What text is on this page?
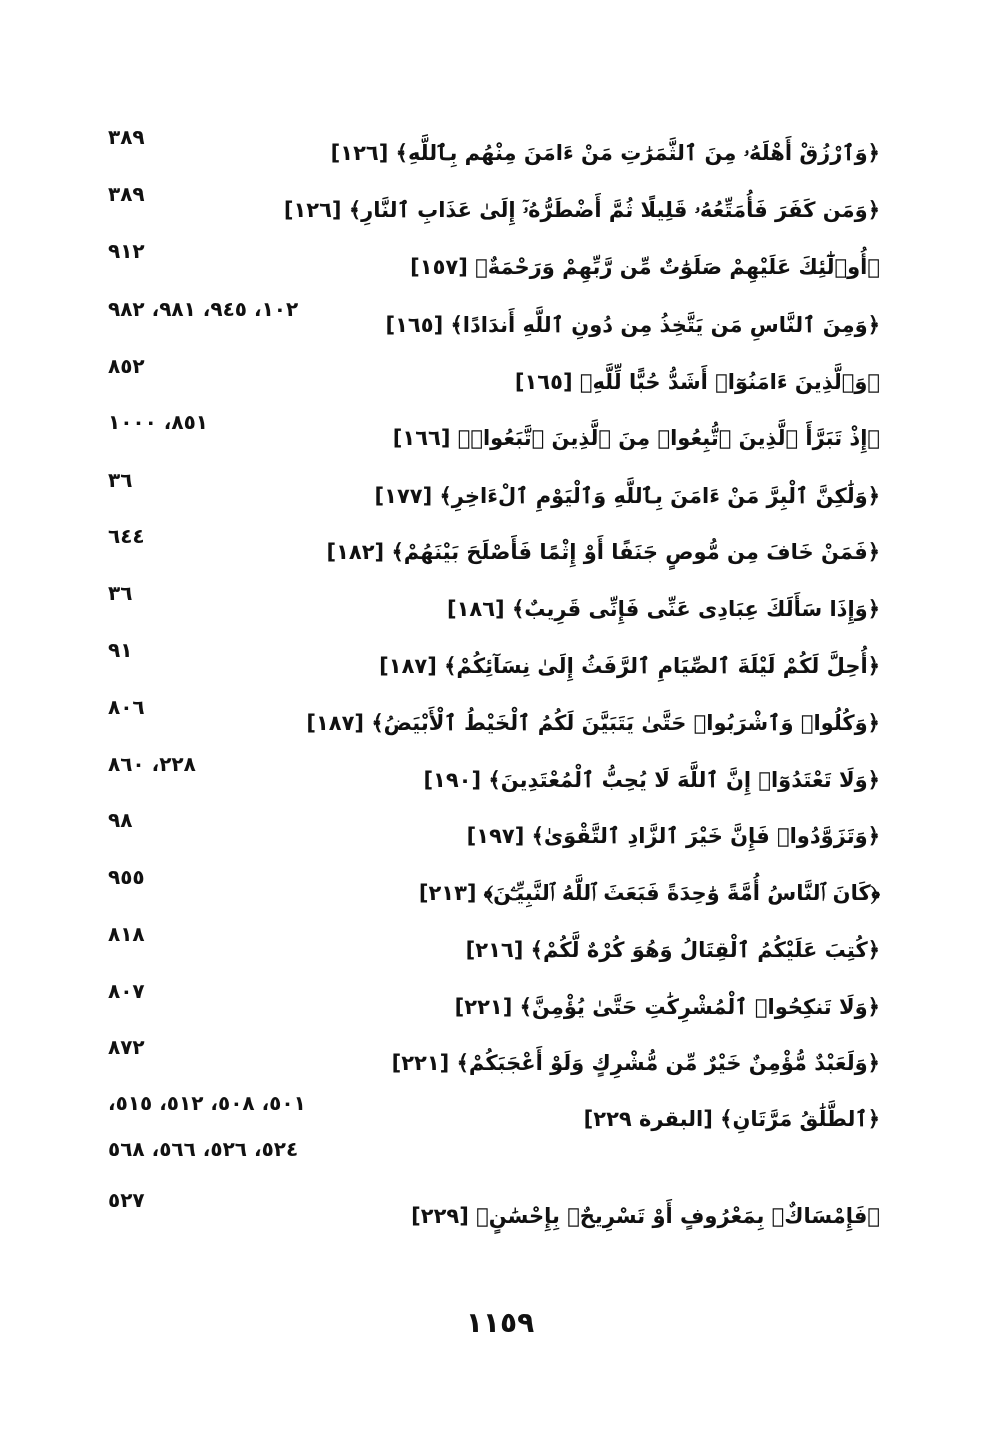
﴿وَٱرْزُقْ أَهْلَهُۥ مِنَ ٱلثَّمَرَٰتِ مَنْ ءَامَنَ مِنْهُم بِٱللَّهِ﴾ [١٢٦]
٣٨٩
﴿وَمَن كَفَرَ فَأُمَتِّعُهُۥ قَلِيلًا ثُمَّ أَضْطَرُّهُۥٓ إِلَىٰ عَذَابِ ٱلنَّارِ﴾ [١٢٦]
٣٨٩
﴿أُو۟لَٰٓئِكَ عَلَيْهِمْ صَلَوَٰتٌ مِّن رَّبِّهِمْ وَرَحْمَةٌ﴾ [١٥٧]
٩١٢
﴿وَمِنَ ٱلنَّاسِ مَن يَتَّخِذُ مِن دُونِ ٱللَّهِ أَندَادًا﴾ [١٦٥]
١٠٢، ٩٤٥، ٩٨١، ٩٨٢
﴿وَٱلَّذِينَ ءَامَنُوٓا۟ أَشَدُّ حُبًّا لِّلَّهِ﴾ [١٦٥]
٨٥٢
﴿إِذْ تَبَرَّأَ ٱلَّذِينَ ٱتُّبِعُوا۟ مِنَ ٱلَّذِينَ ٱتَّبَعُوا۟﴾ [١٦٦]
٨٥١، ١٠٠٠
﴿وَلَٰكِنَّ ٱلْبِرَّ مَنْ ءَامَنَ بِٱللَّهِ وَٱلْيَوْمِ ٱلْءَاخِرِ﴾ [١٧٧]
٣٦
﴿فَمَنْ خَافَ مِن مُّوصٍ جَنَفًا أَوْ إِثْمًا فَأَصْلَحَ بَيْنَهُمْ﴾ [١٨٢]
٦٤٤
﴿وَإِذَا سَأَلَكَ عِبَادِى عَنِّى فَإِنِّى قَرِيبٌ﴾ [١٨٦]
٣٦
﴿أُحِلَّ لَكُمْ لَيْلَةَ ٱلصِّيَامِ ٱلرَّفَثُ إِلَىٰ نِسَآئِكُمْ﴾ [١٨٧]
٩١
﴿وَكُلُوا۟ وَٱشْرَبُوا۟ حَتَّىٰ يَتَبَيَّنَ لَكُمُ ٱلْخَيْطُ ٱلْأَبْيَضُ﴾ [١٨٧]
٨٠٦
﴿وَلَا تَعْتَدُوٓا۟ إِنَّ ٱللَّهَ لَا يُحِبُّ ٱلْمُعْتَدِينَ﴾ [١٩٠]
٢٢٨، ٨٦٠
﴿وَتَزَوَّدُوا۟ فَإِنَّ خَيْرَ ٱلزَّادِ ٱلتَّقْوَىٰ﴾ [١٩٧]
٩٨
﴿كَانَ ٱلنَّاسُ أُمَّةً وَٰحِدَةً فَبَعَثَ ٱللَّهُ ٱلنَّبِيِّـۧنَ﴾ [٢١٣]
٩٥٥
﴿كُتِبَ عَلَيْكُمُ ٱلْقِتَالُ وَهُوَ كُرْهٌ لَّكُمْ﴾ [٢١٦]
٨١٨
﴿وَلَا تَنكِحُوا۟ ٱلْمُشْرِكَٰتِ حَتَّىٰ يُؤْمِنَّ﴾ [٢٢١]
٨٠٧
﴿وَلَعَبْدٌ مُّؤْمِنٌ خَيْرٌ مِّن مُّشْرِكٍ وَلَوْ أَعْجَبَكُمْ﴾ [٢٢١]
٨٧٢
﴿ٱلطَّلَٰقُ مَرَّتَانِ﴾ [البقرة ٢٢٩]
٥٠١، ٥٠٨، ٥١٢، ٥١٥،
٥٢٤، ٥٢٦، ٥٦٦، ٥٦٨
﴿فَإِمْسَاكٌۢ بِمَعْرُوفٍ أَوْ تَسْرِيحٌۢ بِإِحْسَٰنٍ﴾ [٢٢٩]
٥٢٧
١١٥٩
